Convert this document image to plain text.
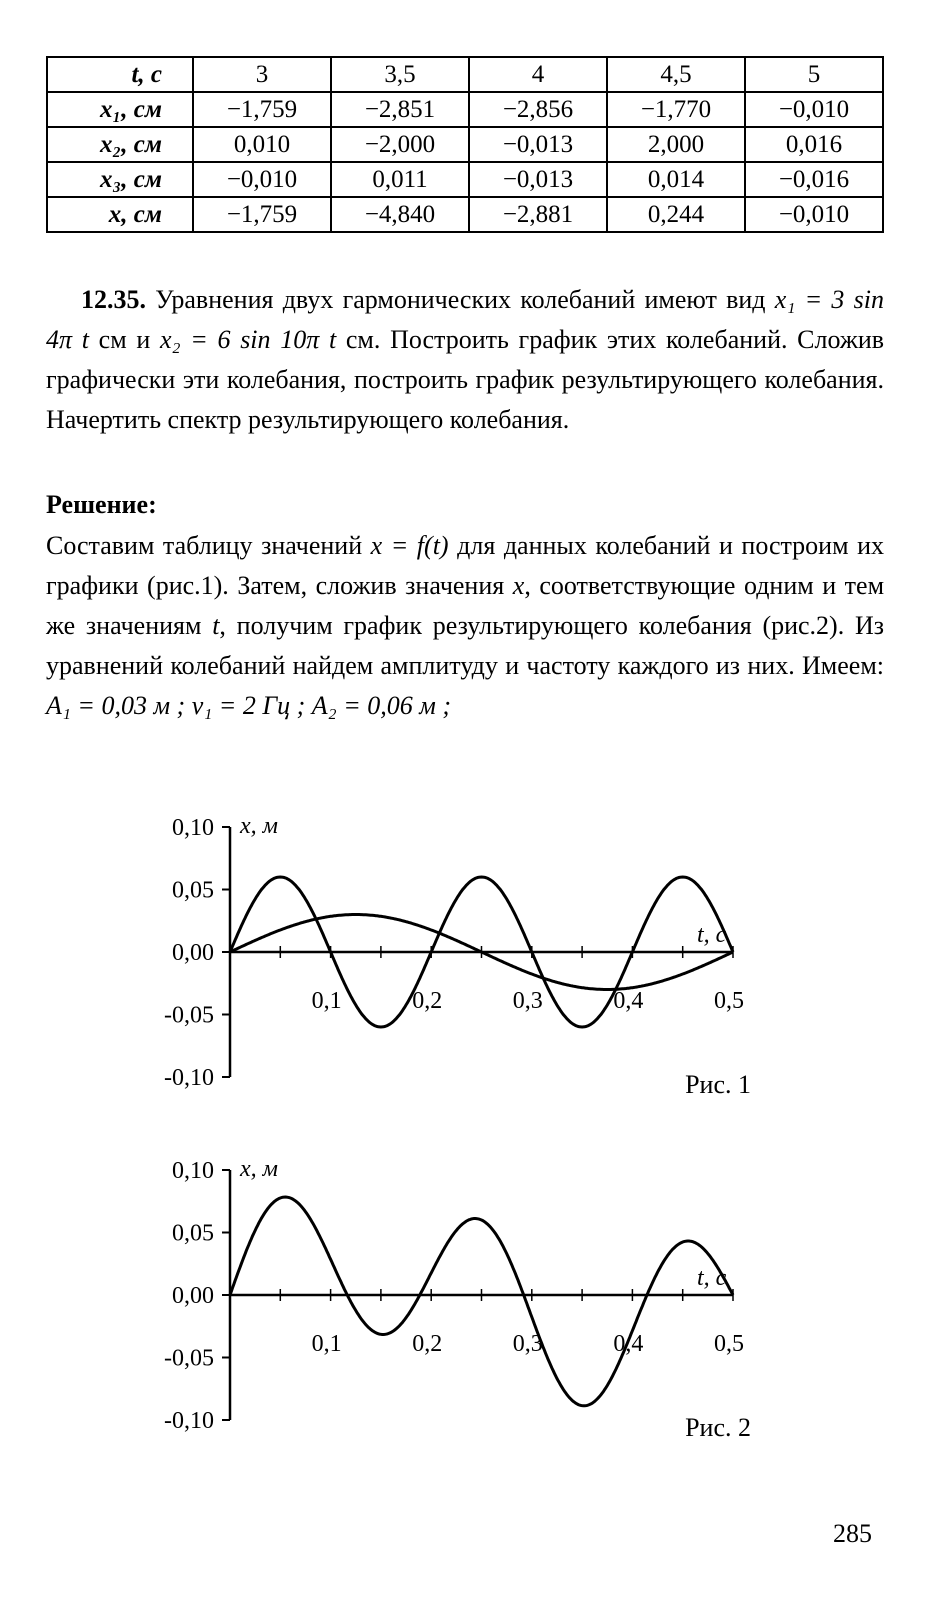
t, с	3	3,5	4	4,5	5
x₁, см	−1,759	−2,851	−2,856	−1,770	−0,010
x₂, см	0,010	−2,000	−0,013	2,000	0,016
x₃, см	−0,010	0,011	−0,013	0,014	−0,016
x, см	−1,759	−4,840	−2,881	0,244	−0,010
12.35. Уравнения двух гармонических колебаний имеют вид x₁ = 3 sin 4π t см и x₂ = 6 sin 10π t см. Построить график этих колебаний. Сложив графически эти колебания, построить график результирующего колебания. Начертить спектр результирующего колебания.
Решение:
Составим таблицу значений x = f(t) для данных колебаний и построим их графики (рис.1). Затем, сложив значения x, соответствующие одним и тем же значениям t, получим график результирующего колебания (рис.2). Из уравнений колебаний найдем амплитуду и частоту каждого из них. Имеем: A₁ = 0,03 м ; ν₁ = 2 Гц ; A₂ = 0,06 м ;
0,10
0,05
0,00
-0,05
-0,10
0,1	0,2	0,3	0,4	0,5
x, м
t, с
Рис. 1
0,10
0,05
0,00
-0,05
-0,10
0,1	0,2	0,3	0,4	0,5
x, м
t, с
Рис. 2
285
